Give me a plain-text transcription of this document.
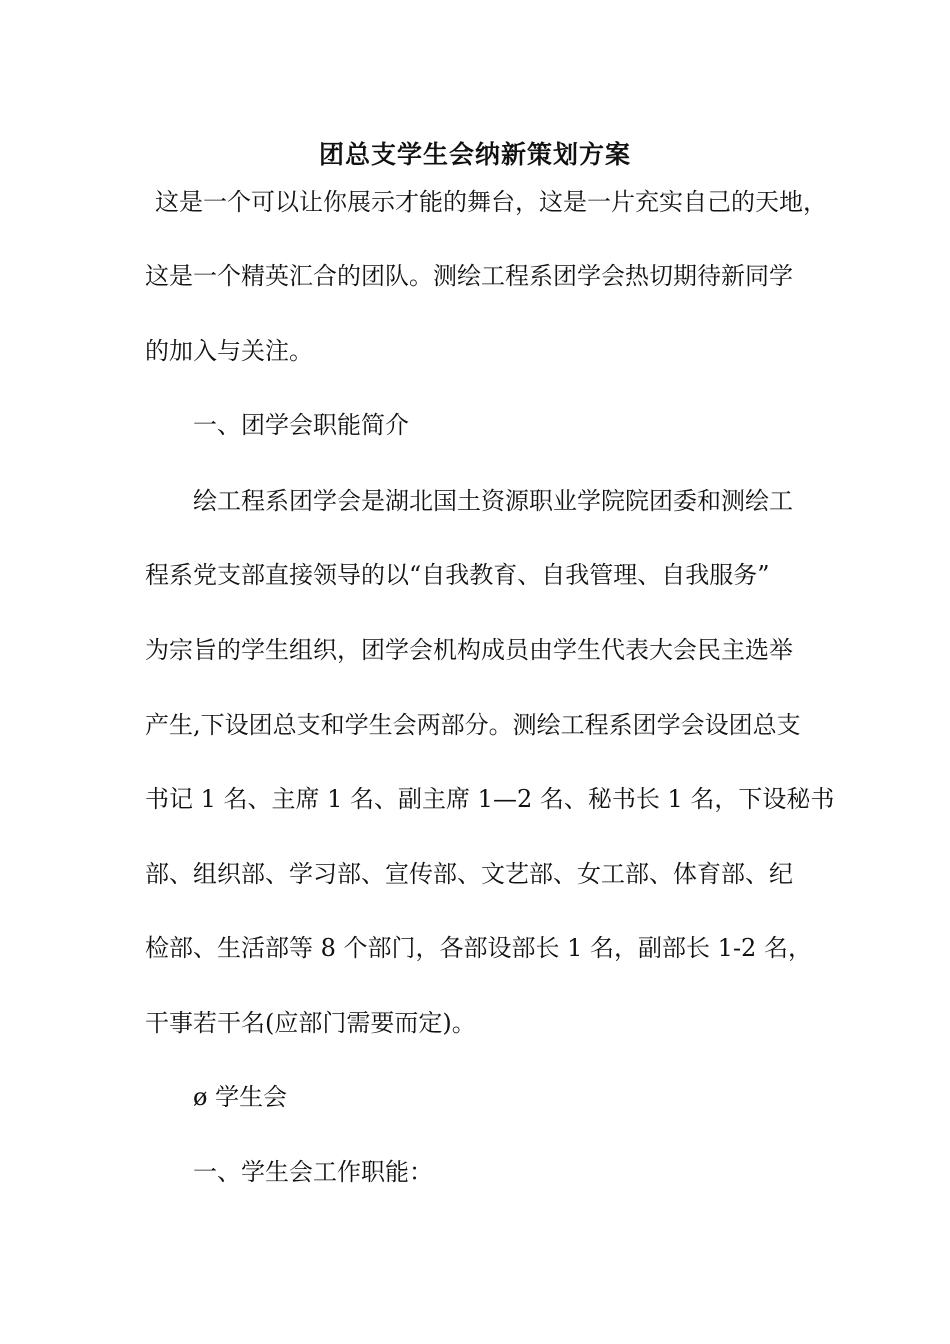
团总支学生会纳新策划方案

这是一个可以让你展示才能的舞台，这是一片充实自己的天地，

这是一个精英汇合的团队。测绘工程系团学会热切期待新同学

的加入与关注。

一、团学会职能简介

绘工程系团学会是湖北国土资源职业学院院团委和测绘工

程系党支部直接领导的以“自我教育、自我管理、自我服务”

为宗旨的学生组织，团学会机构成员由学生代表大会民主选举

产生,下设团总支和学生会两部分。测绘工程系团学会设团总支

书记 1 名、主席 1 名、副主席 1—2 名、秘书长 1 名，下设秘书

部、组织部、学习部、宣传部、文艺部、女工部、体育部、纪

检部、生活部等 8 个部门，各部设部长 1 名，副部长 1-2 名，

干事若干名(应部门需要而定)。

ø 学生会

一、学生会工作职能：
